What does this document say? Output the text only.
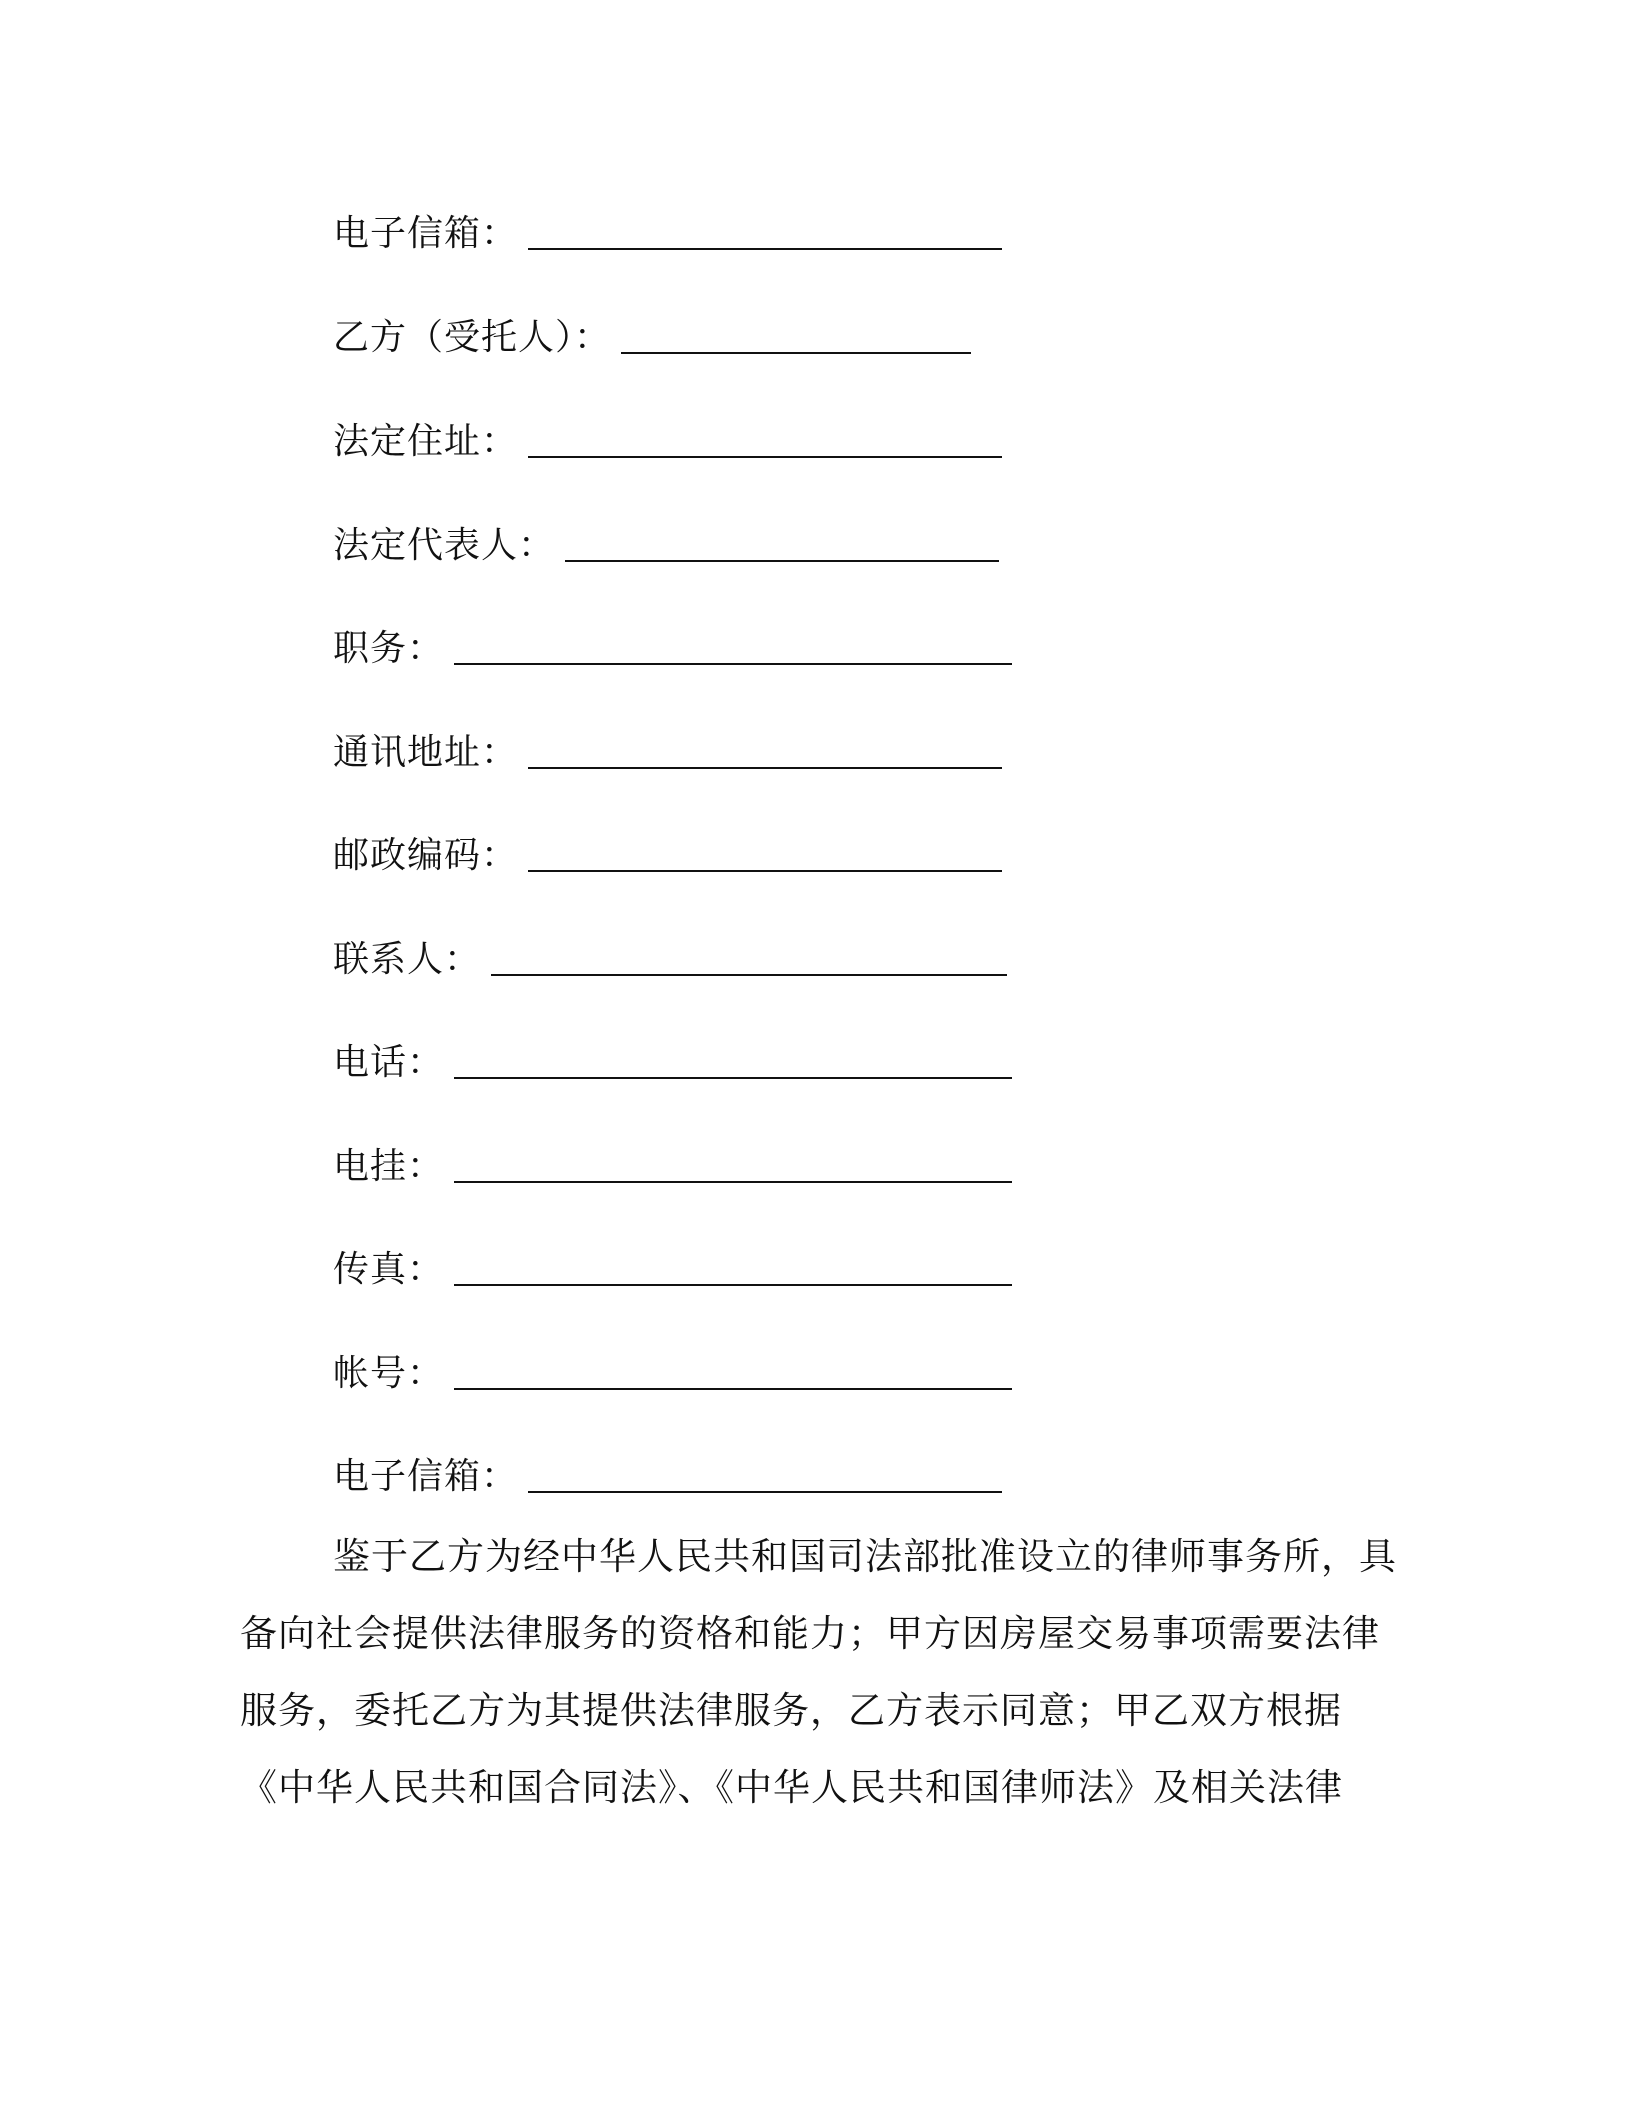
电子信箱：
乙方（受托人）：
法定住址：
法定代表人：
职务：
通讯地址：
邮政编码：
联系人：
电话：
电挂：
传真：
帐号：
电子信箱：
鉴于乙方为经中华人民共和国司法部批准设立的律师事务所，具
备向社会提供法律服务的资格和能力；甲方因房屋交易事项需要法律
服务，委托乙方为其提供法律服务，乙方表示同意；甲乙双方根据
《中华人民共和国合同法》、《中华人民共和国律师法》及相关法律
